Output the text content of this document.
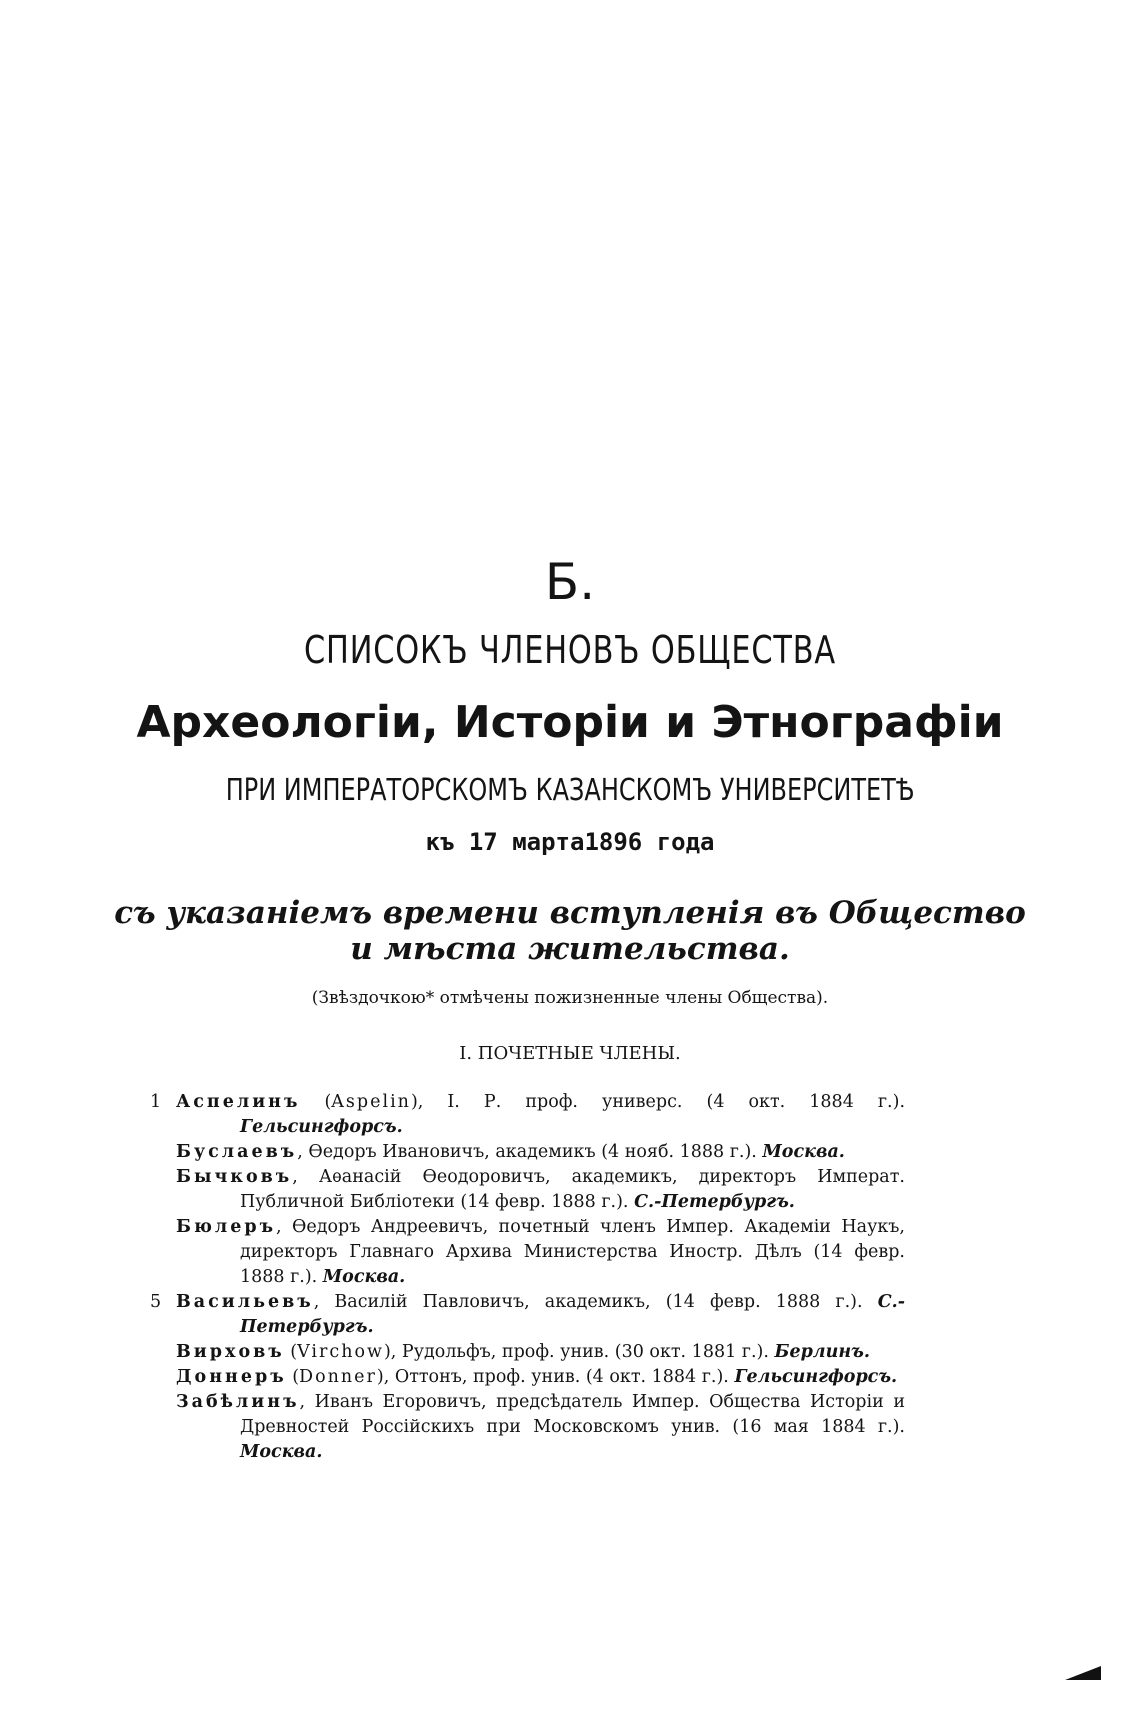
Б.
СПИСОКЪ ЧЛЕНОВЪ ОБЩЕСТВА
Археологіи, Исторіи и Этнографіи
ПРИ ИМПЕРАТОРСКОМЪ КАЗАНСКОМЪ УНИВЕРСИТЕТѢ
къ 17 марта1896 года
съ указаніемъ времени вступленія въ Общество
и мѣста жительства.
(Звѣздочкою* отмѣчены пожизненные члены Общества).
I. ПОЧЕТНЫЕ ЧЛЕНЫ.

1 Аспелинъ (Aspelin), І. Р. проф. универс. (4 окт. 1884 г.). Гельсингфорсъ.

Буслаевъ, Ѳедоръ Ивановичъ, академикъ (4 нояб. 1888 г.). Москва.

Бычковъ, Аѳанасій Ѳеодоровичъ, академикъ, директоръ Императ. Публичной Библіотеки (14 февр. 1888 г.). С.-Петербургъ.

Бюлеръ, Ѳедоръ Андреевичъ, почетный членъ Импер. Академіи Наукъ, директоръ Главнаго Архива Министерства Иностр. Дѣлъ (14 февр. 1888 г.). Москва.

5 Васильевъ, Василій Павловичъ, академикъ, (14 февр. 1888 г.). С.-Петербургъ.

Вирховъ (Virchow), Рудольфъ, проф. унив. (30 окт. 1881 г.). Берлинъ.

Доннеръ (Donner), Оттонъ, проф. унив. (4 окт. 1884 г.). Гельсингфорсъ.

Забѣлинъ, Иванъ Егоровичъ, предсѣдатель Импер. Общества Исторіи и Древностей Россійскихъ при Московскомъ унив. (16 мая 1884 г.). Москва.
